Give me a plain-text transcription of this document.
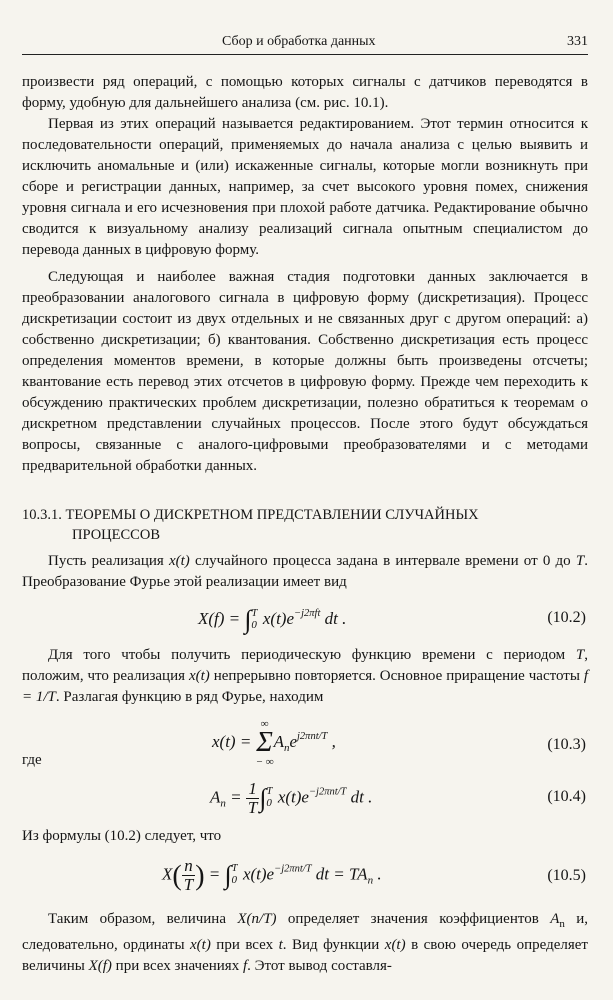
Сбор и обработка данных	331

произвести ряд операций, с помощью которых сигналы с датчиков переводятся в форму, удобную для дальнейшего анализа (см. рис. 10.1).

Первая из этих операций называется редактированием. Этот термин относится к последовательности операций, применяемых до начала анализа с целью выявить и исключить аномальные и (или) искаженные сигналы, которые могли возникнуть при сборе и регистрации данных, например, за счет высокого уровня помех, снижения уровня сигнала и его исчезновения при плохой работе датчика. Редактирование обычно сводится к визуальному анализу реализаций сигнала опытным специалистом до перевода данных в цифровую форму.

Следующая и наиболее важная стадия подготовки данных заключается в преобразовании аналогового сигнала в цифровую форму (дискретизация). Процесс дискретизации состоит из двух отдельных и не связанных друг с другом операций: а) собственно дискретизации; б) квантования. Собственно дискретизация есть процесс определения моментов времени, в которые должны быть произведены отсчеты; квантование есть перевод этих отсчетов в цифровую форму. Прежде чем переходить к обсуждению практических проблем дискретизации, полезно обратиться к теоремам о дискретном представлении случайных процессов. После этого будут обсуждаться вопросы, связанные с аналого-цифровыми преобразователями и с методами предварительной обработки данных.

10.3.1. ТЕОРЕМЫ О ДИСКРЕТНОМ ПРЕДСТАВЛЕНИИ СЛУЧАЙНЫХ
ПРОЦЕССОВ

Пусть реализация x(t) случайного процесса задана в интервале времени от 0 до T. Преобразование Фурье этой реализации имеет вид

X(f) = ∫T0 $x(t)e^{-j2\pi ft}$ dt .	(10.2)

Для того чтобы получить периодическую функцию времени с периодом T, положим, что реализация x(t) непрерывно повторяется. Основное приращение частоты f = 1/T. Разлагая функцию в ряд Фурье, находим

где
x(t) =
∞
Σ
− ∞
$A_ne^{j2\pi nt/T}$ ,	(10.3)
$A_n = \frac{1}{T} \int T0$ $x(t)e^{-j2\pi nt/T}$ dt .	(10.4)

Из формулы (10.2) следует, что

$X( \frac{n}{T}$ ) = ∫T0 $x(t)e^{-j2\pi nt/T}$ dt = $TA_n$ .	(10.5)

Таким образом, величина X(n/T) определяет значения коэффициентов $A_n$ и, следовательно, ординаты x(t) при всех t. Вид функции x(t) в свою очередь определяет величины X(f) при всех значениях f. Этот вывод составля-
